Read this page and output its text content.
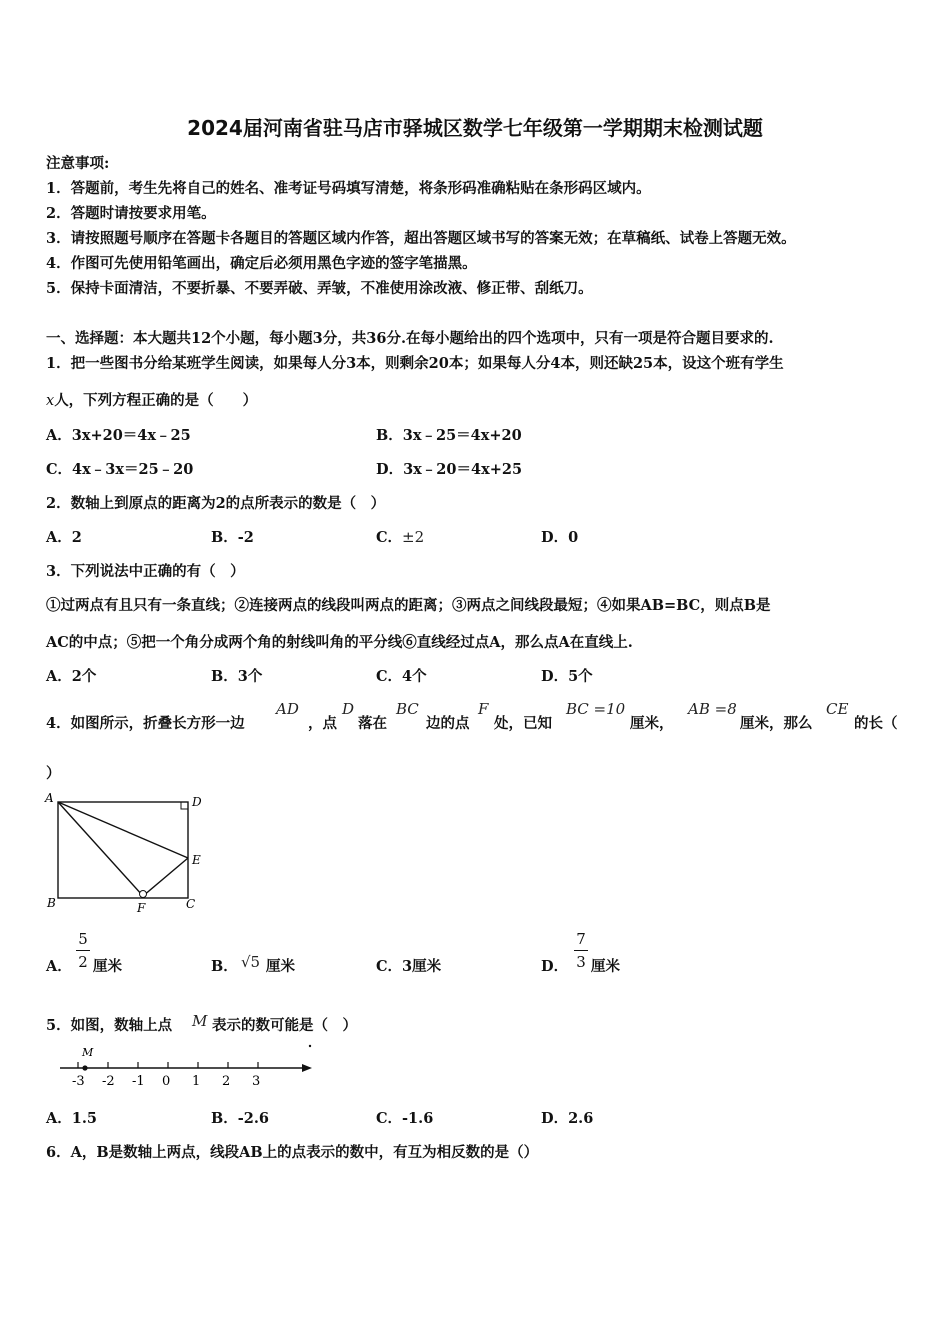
2024届河南省驻马店市驿城区数学七年级第一学期期末检测试题
注意事项:
1．答题前，考生先将自己的姓名、准考证号码填写清楚，将条形码准确粘贴在条形码区域内。
2．答题时请按要求用笔。
3．请按照题号顺序在答题卡各题目的答题区域内作答，超出答题区域书写的答案无效；在草稿纸、试卷上答题无效。
4．作图可先使用铅笔画出，确定后必须用黑色字迹的签字笔描黑。
5．保持卡面清洁，不要折暴、不要弄破、弄皱，不准使用涂改液、修正带、刮纸刀。
一、选择题：本大题共12个小题，每小题3分，共36分.在每小题给出的四个选项中，只有一项是符合题目要求的.
1．把一些图书分给某班学生阅读，如果每人分3本，则剩余20本；如果每人分4本，则还缺25本，设这个班有学生
x人，下列方程正确的是（　　）
A．3x+20＝4x﹣25	B．3x﹣25＝4x+20
C．4x﹣3x＝25﹣20	D．3x﹣20＝4x+25
2．数轴上到原点的距离为2的点所表示的数是（　）
A．2	B．-2	C．±2	D．0
3．下列说法中正确的有（　）
①过两点有且只有一条直线；②连接两点的线段叫两点的距离；③两点之间线段最短；④如果AB=BC，则点B是
AC的中点；⑤把一个角分成两个角的射线叫角的平分线⑥直线经过点A，那么点A在直线上.
A．2个	B．3个	C．4个	D．5个
4．如图所示，折叠长方形一边
AD
，点
D
落在
BC
边的点
F
处，已知
BC =10
厘米，
AB =8
厘米，那么
CE
的长（
）
A	D
E
B	F	C
A．
5
2 厘米	B． √5 厘米	C．3厘米	D．
7
3 厘米
5．如图，数轴上点 M 表示的数可能是（　）
-3 -2 -1 0 1 2 3
M
A．1.5	B．-2.6	C．-1.6	D．2.6
6．A，B是数轴上两点，线段AB上的点表示的数中，有互为相反数的是（）
